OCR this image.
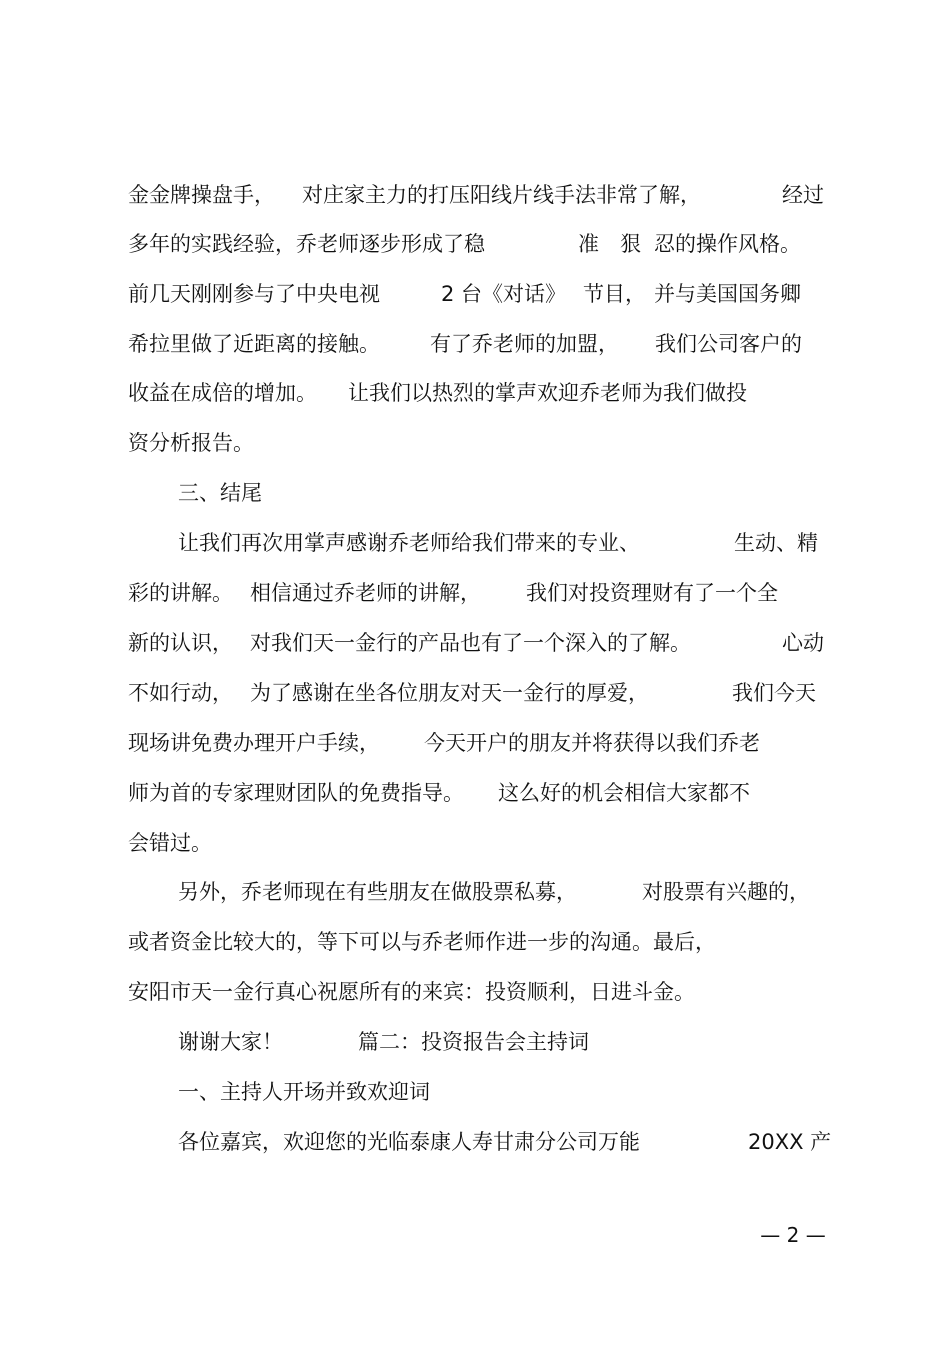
金金牌操盘手， 对庄家主力的打压阳线片线手法非常了解，	经过
多年的实践经验，乔老师逐步形成了稳	准 狠 忍的操作风格。
前几天刚刚参与了中央电视	2 台《对话》 节目， 并与美国国务卿
希拉里做了近距离的接触。 有了乔老师的加盟， 我们公司客户的
收益在成倍的增加。 让我们以热烈的掌声欢迎乔老师为我们做投
资分析报告。
三、结尾
让我们再次用掌声感谢乔老师给我们带来的专业、	生动、精
彩的讲解。 相信通过乔老师的讲解， 我们对投资理财有了一个全
新的认识， 对我们天一金行的产品也有了一个深入的了解。	心动
不如行动， 为了感谢在坐各位朋友对天一金行的厚爱，	我们今天
现场讲免费办理开户手续， 今天开户的朋友并将获得以我们乔老
师为首的专家理财团队的免费指导。 这么好的机会相信大家都不
会错过。
另外，乔老师现在有些朋友在做股票私募，	对股票有兴趣的，
或者资金比较大的，等下可以与乔老师作进一步的沟通。最后，
安阳市天一金行真心祝愿所有的来宾：投资顺利，日进斗金。
谢谢大家！	篇二：投资报告会主持词
一、主持人开场并致欢迎词
各位嘉宾，欢迎您的光临泰康人寿甘肃分公司万能	20XX 产
— 2 —
